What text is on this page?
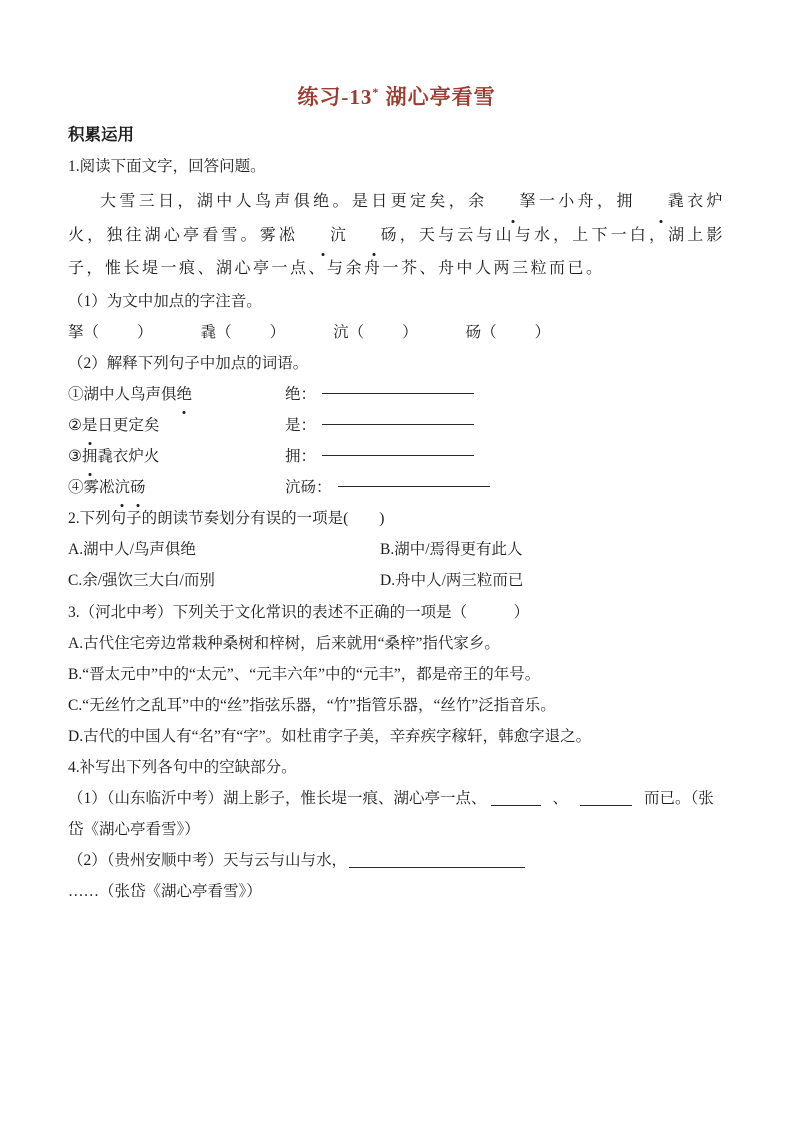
练习-13* 湖心亭看雪
积累运用
1.阅读下面文字，回答问题。
大雪三日，湖中人鸟声俱绝。是日更定矣，余 拏一小舟，拥 毳衣炉火，独往湖心亭看雪。雾凇 沆 砀，天与云与山与水，上下一白，湖上影子，惟长堤一痕、湖心亭一点、与余舟一芥、舟中人两三粒而已。
（1）为文中加点的字注音。
拏（ ）	毳（ ）	沆（ ）	砀（ ）
（2）解释下列句子中加点的词语。
①湖中人鸟声俱绝	绝：
②是日更定矣	是：
③拥毳衣炉火	拥：
④雾凇沆砀	沆砀：
2.下列句子的朗读节奏划分有误的一项是(　　)
A.湖中人/鸟声俱绝	B.湖中/焉得更有此人
C.余/强饮三大白/而别	D.舟中人/两三粒而已
3.（河北中考）下列关于文化常识的表述不正确的一项是（　　　）
A.古代住宅旁边常栽种桑树和梓树，后来就用“桑梓”指代家乡。
B.“晋太元中”中的“太元”、“元丰六年”中的“元丰”，都是帝王的年号。
C.“无丝竹之乱耳”中的“丝”指弦乐器，“竹”指管乐器，“丝竹”泛指音乐。
D.古代的中国人有“名”有“字”。如杜甫字子美，辛弃疾字稼轩，韩愈字退之。
4.补写出下列各句中的空缺部分。
（1）（山东临沂中考）湖上影子，惟长堤一痕、湖心亭一点、	、	而已。（张岱《湖心亭看雪》）
（2）（贵州安顺中考）天与云与山与水，……（张岱《湖心亭看雪》）
